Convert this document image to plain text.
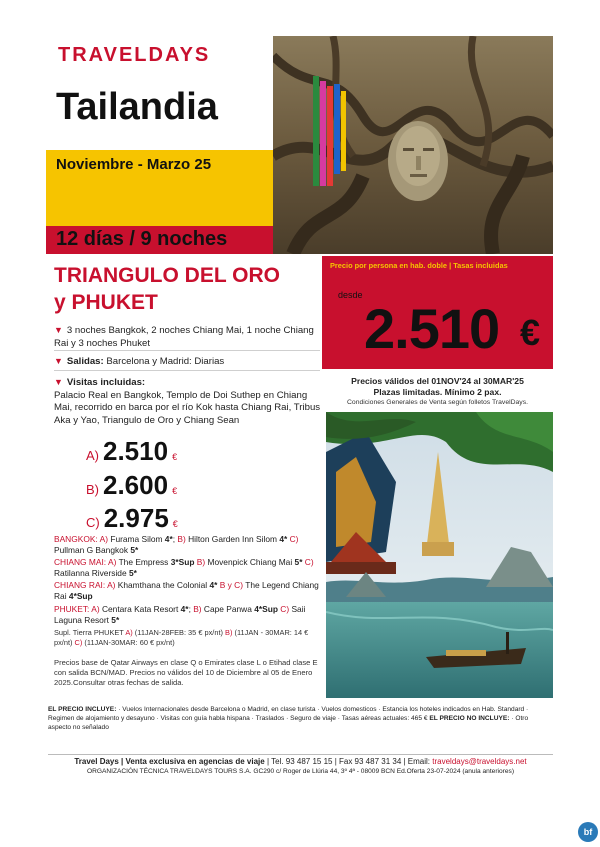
TRAVELDAYS
Tailandia
Noviembre - Marzo 25
12 días / 9 noches
TRIANGULO DEL ORO
y PHUKET
▼ 3 noches Bangkok, 2 noches Chiang Mai, 1 noche Chiang Rai y 3 noches Phuket
▼ Salidas: Barcelona y Madrid: Diarias
▼ Visitas incluidas:
Palacio Real en Bangkok, Templo de Doi Suthep en Chiang Mai, recorrido en barca por el río Kok hasta Chiang Rai, Tribus Aka y Yao, Triangulo de Oro y Chiang Sean
A) 2.510 €
B) 2.600 €
C) 2.975 €

BANGKOK: A) Furama Silom 4*; B) Hilton Garden Inn Silom 4* C) Pullman G Bangkok 5*

CHIANG MAI: A) The Empress 3*Sup B) Movenpick Chiang Mai 5* C) Ratilanna Riverside 5*

CHIANG RAI: A) Khamthana the Colonial 4* B y C) The Legend Chiang Rai 4*Sup

PHUKET: A) Centara Kata Resort 4*; B) Cape Panwa 4*Sup C) Saii Laguna Resort 5*

Supl. Tierra PHUKET A) (11JAN-28FEB: 35 € px/nt) B) (11JAN - 30MAR: 14 € px/nt) C) (11JAN-30MAR: 60 € px/nt)
Precios base de Qatar Airways en clase Q o Emirates clase L o Etihad clase E con salida BCN/MAD. Precios no válidos del 10 de Diciembre al 05 de Enero 2025.Consultar otras fechas de salida.
Precio por persona en hab. doble | Tasas incluidas
desde
2.510 €
Precios válidos del 01NOV'24 al 30MAR'25
Plazas limitadas. Mínimo 2 pax.
Condiciones Generales de Venta según folletos TravelDays.
EL PRECIO INCLUYE: · Vuelos Internacionales desde Barcelona o Madrid, en clase turista · Vuelos domesticos · Estancia los hoteles indicados en Hab. Standard · Regimen de alojamiento y desayuno · Visitas con guía habla hispana · Traslados · Seguro de viaje · Tasas aéreas actuales: 465 € EL PRECIO NO INCLUYE: · Otro aspecto no señalado
Travel Days | Venta exclusiva en agencias de viaje | Tel. 93 487 15 15 | Fax 93 487 31 34 | Email: traveldays@traveldays.net
ORGANIZACIÓN TÉCNICA TRAVELDAYS TOURS S.A. GC290 c/ Roger de Llúria 44, 3º 4ª - 08009 BCN Ed.Oferta 23-07-2024 (anula anteriores)
bf
